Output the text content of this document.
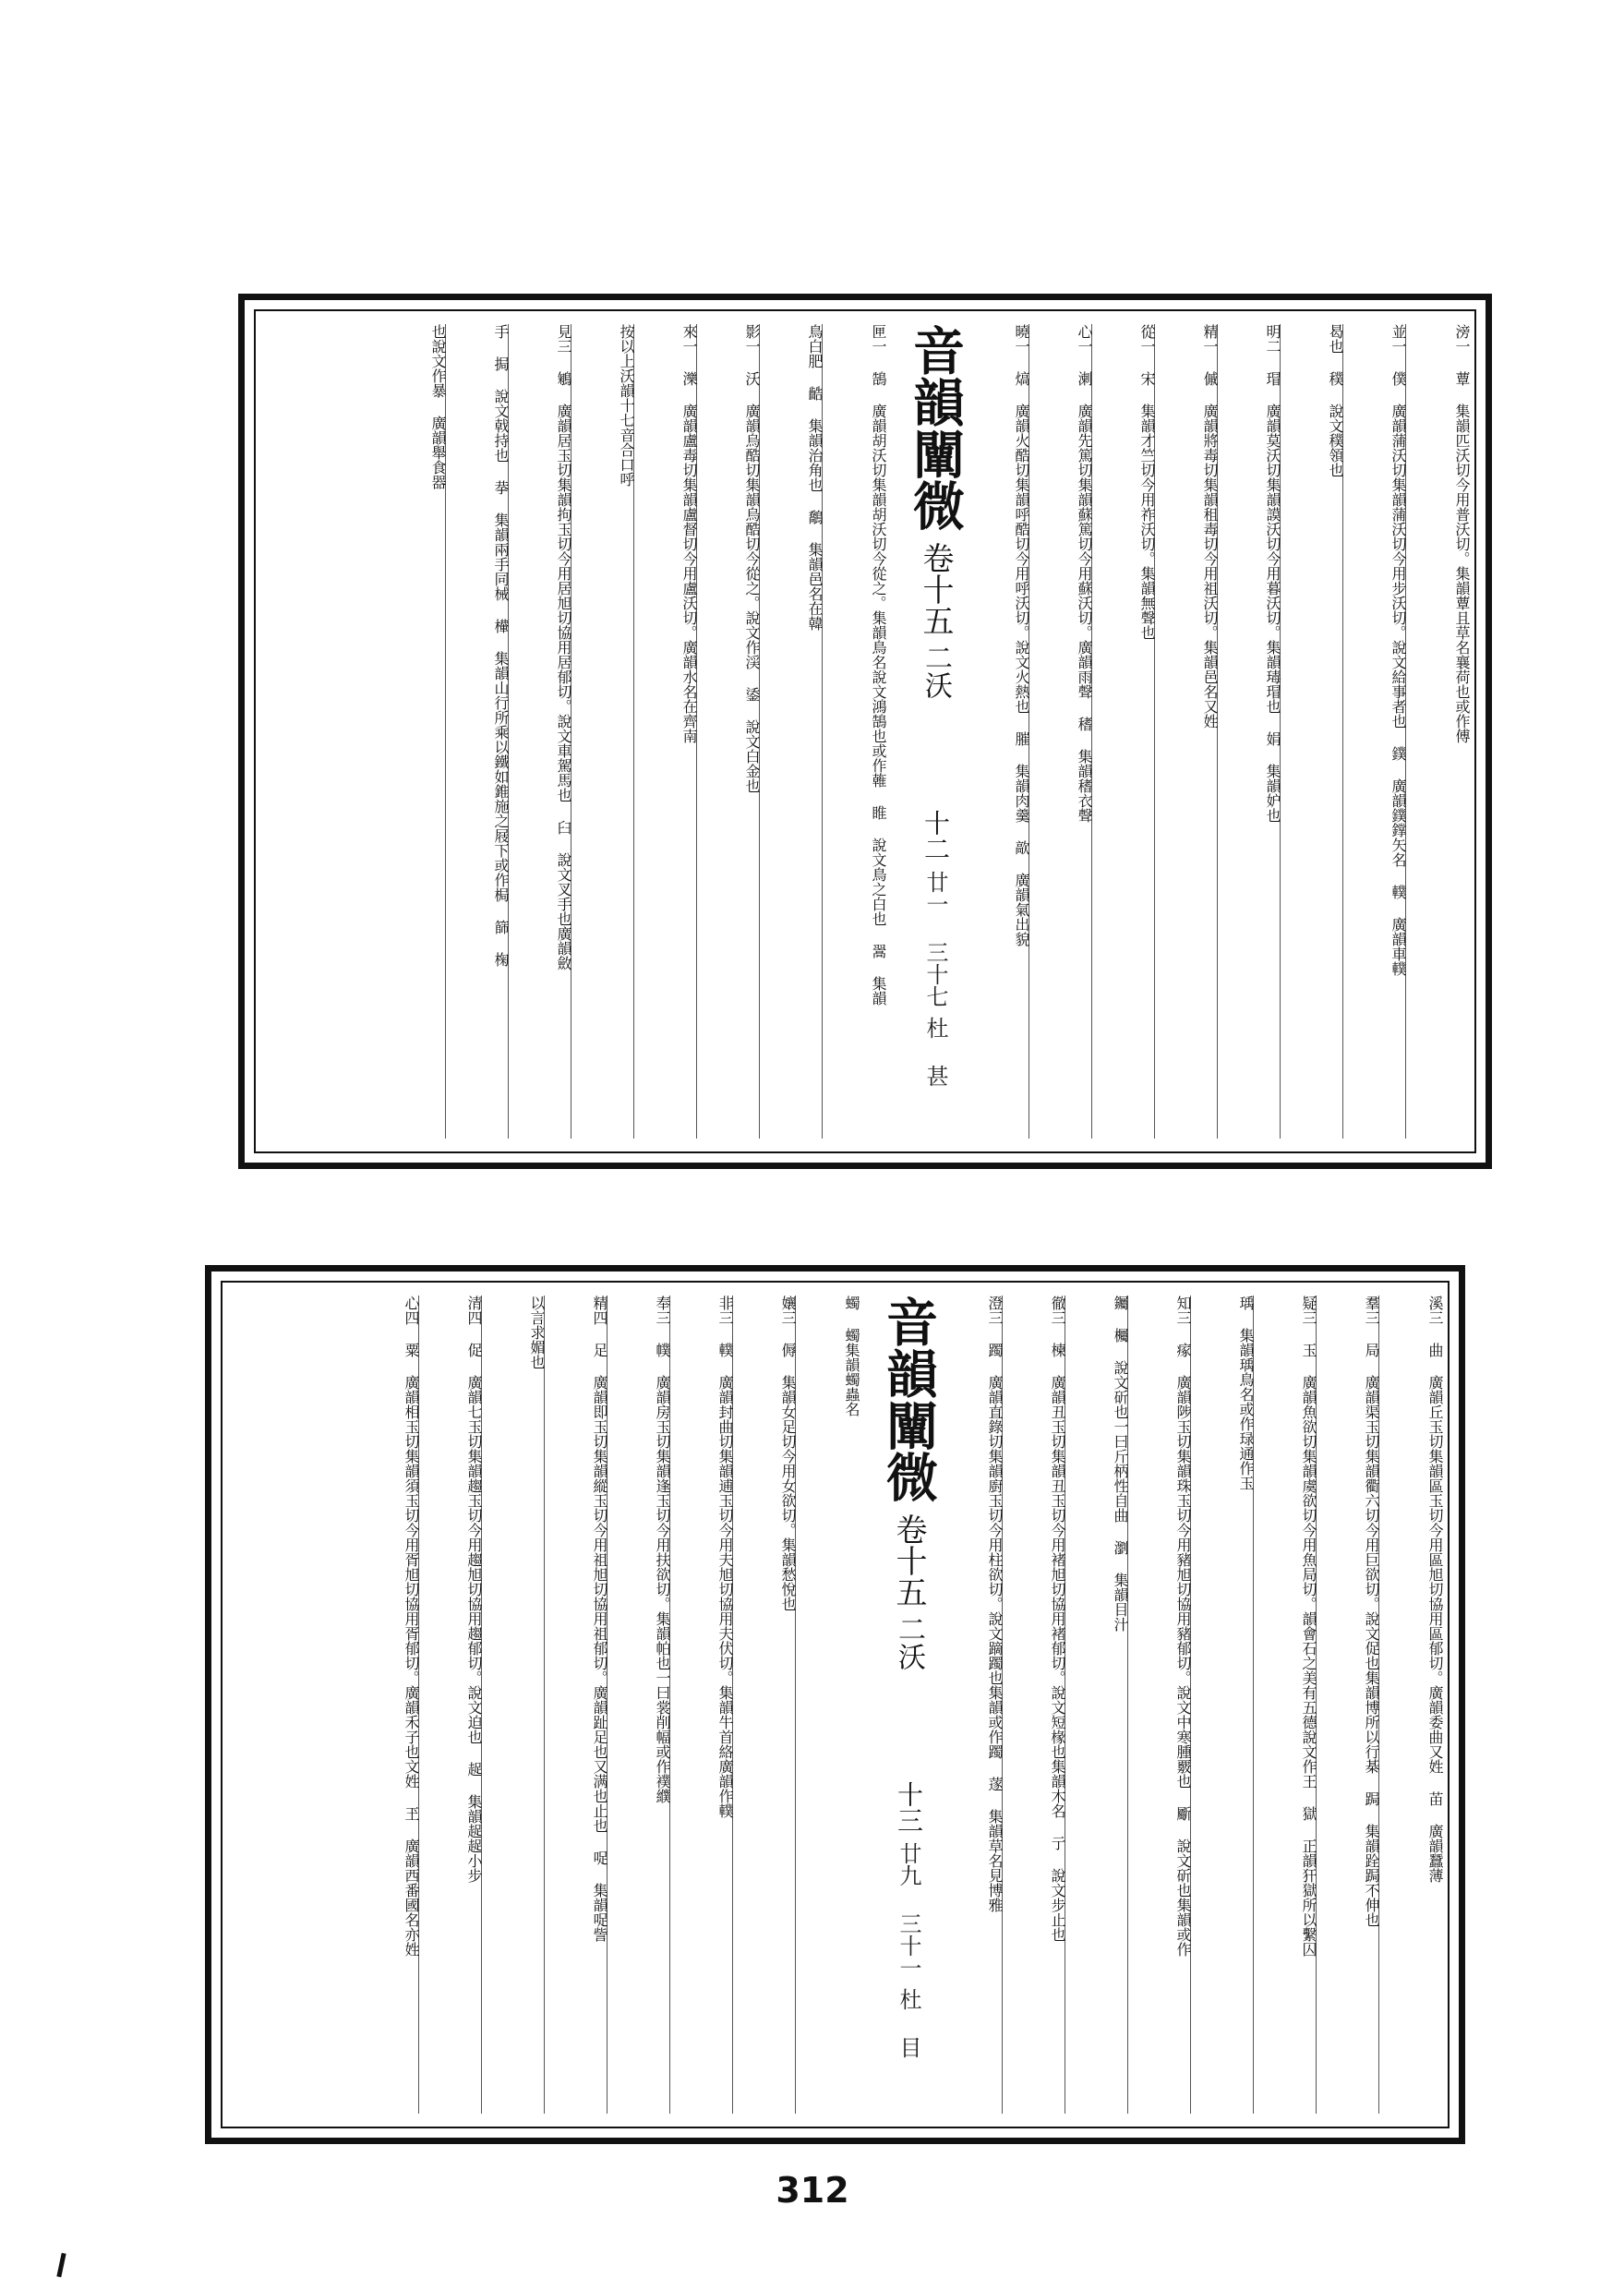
滂一 蕈 集韻匹沃切今用普沃切。集韻蕈且草名襄荷也或作傅
並一 僕 廣韻蒲沃切集韻蒲沃切今用步沃切。說文給事者也 鏷 廣韻鏷鐣矢名 轐 廣韻車轐
曷也 穙 說文穙領也
明二 瑁 廣韻莫沃切集韻謨沃切今用暮沃切。集韻瑇瑁也 娟 集韻妒也
精一 傶 廣韻將毒切集韻租毒切今用祖沃切。集韻邑名又姓
從一 宋 集韻才竺切今用祚沃切。集韻無聲也
心一 溂 廣韻先篤切集韻蘇篤切今用蘇沃切。廣韻雨聲 䅲 集韻䅲衣聲
曉一 熇 廣韻火酷切集韻呼酷切今用呼沃切。說文火熱也 膗 集韻肉羹 歊 廣韻氣出貌
音韻闡微卷十五二沃十二廿一 三十七杜 甚
匣一 鵠 廣韻胡沃切集韻胡沃切今從之。集韻鳥名說文鴻鵠也或作雗 睢 說文鳥之白也 翯 集韻
鳥白肥 䶜 集韻治角也 鷮 集韻邑名在韓
影一 沃 廣韻烏酷切集韻烏酷切今從之。說文作渓 鋈 說文白金也
來一 濼 廣韻盧毒切集韻盧督切今用盧沃切。廣韻水名在齊南
按以上沃韻十七音合口呼
見三 鵴 廣韻居玉切集韻拘玉切今用居旭切協用居郁切。說文車駕馬也 臼 說文叉手也廣韻斂
手 挶 說文戟持也 拲 集韻兩手同械 檋 集韻山行所乘以鐵如錐施之屐下或作梮 篩 椈
也說文作暴 廣韻舉食器
溪三 曲 廣韻丘玉切集韻區玉切今用區旭切協用區郁切。廣韻委曲又姓 苖 廣韻蠶薄
羣三 局 廣韻渠玉切集韻衢六切今用巨欲切。說文促也集韻博所以行棊 跼 集韻跧跼不伸也
疑三 玉 廣韻魚欲切集韻虞欲切今用魚局切。韻會石之美有五德說文作王 獄 正韻犴獄所以繫囚
瑀 集韻瑀鳥名或作琭通作玉
知三 瘃 廣韻陟玉切集韻珠玉切今用豬旭切協用豬郁切。說文中寒腫覈也 斸 說文斫也集韻或作
钃 欘 說文斫也一曰斤柄性自曲 瀏 集韻目汁
徹三 楝 廣韻丑玉切集韻丑玉切今用褚旭切協用褚郁切。說文短椽也集韻木名 亍 說文步止也
澄三 躅 廣韻直錄切集韻廚玉切今用柱欲切。說文蹢躅也集韻或作躅 蓫 集韻草名見博雅
音韻闡微卷十五二沃十三廿九 三十一杜 目
蠋 蠋集韻蠋蟲名
孃三 傉 集韻女足切今用女欲切。集韻愁悅也
非三 轐 廣韻封曲切集韻逋玉切今用夫旭切協用夫伏切。集韻牛首絡廣韻作轐
奉三 幞 廣韻房玉切集韻逢玉切今用扶欲切。集韻帕也一曰裳削幅或作襆纀
精四 足 廣韻即玉切集韻縱玉切今用祖旭切協用祖郁切。廣韻趾足也又满也止也 哫 集韻哫訾
以言求媚也
清四 促 廣韻七玉切集韻趨玉切今用趨旭切協用趨郁切。說文迫也 趗 集韻趗趗小步
心四 粟 廣韻相玉切集韻須玉切今用胥旭切協用胥郁切。廣韻禾子也文姓 玊 廣韻西番國名亦姓
312
